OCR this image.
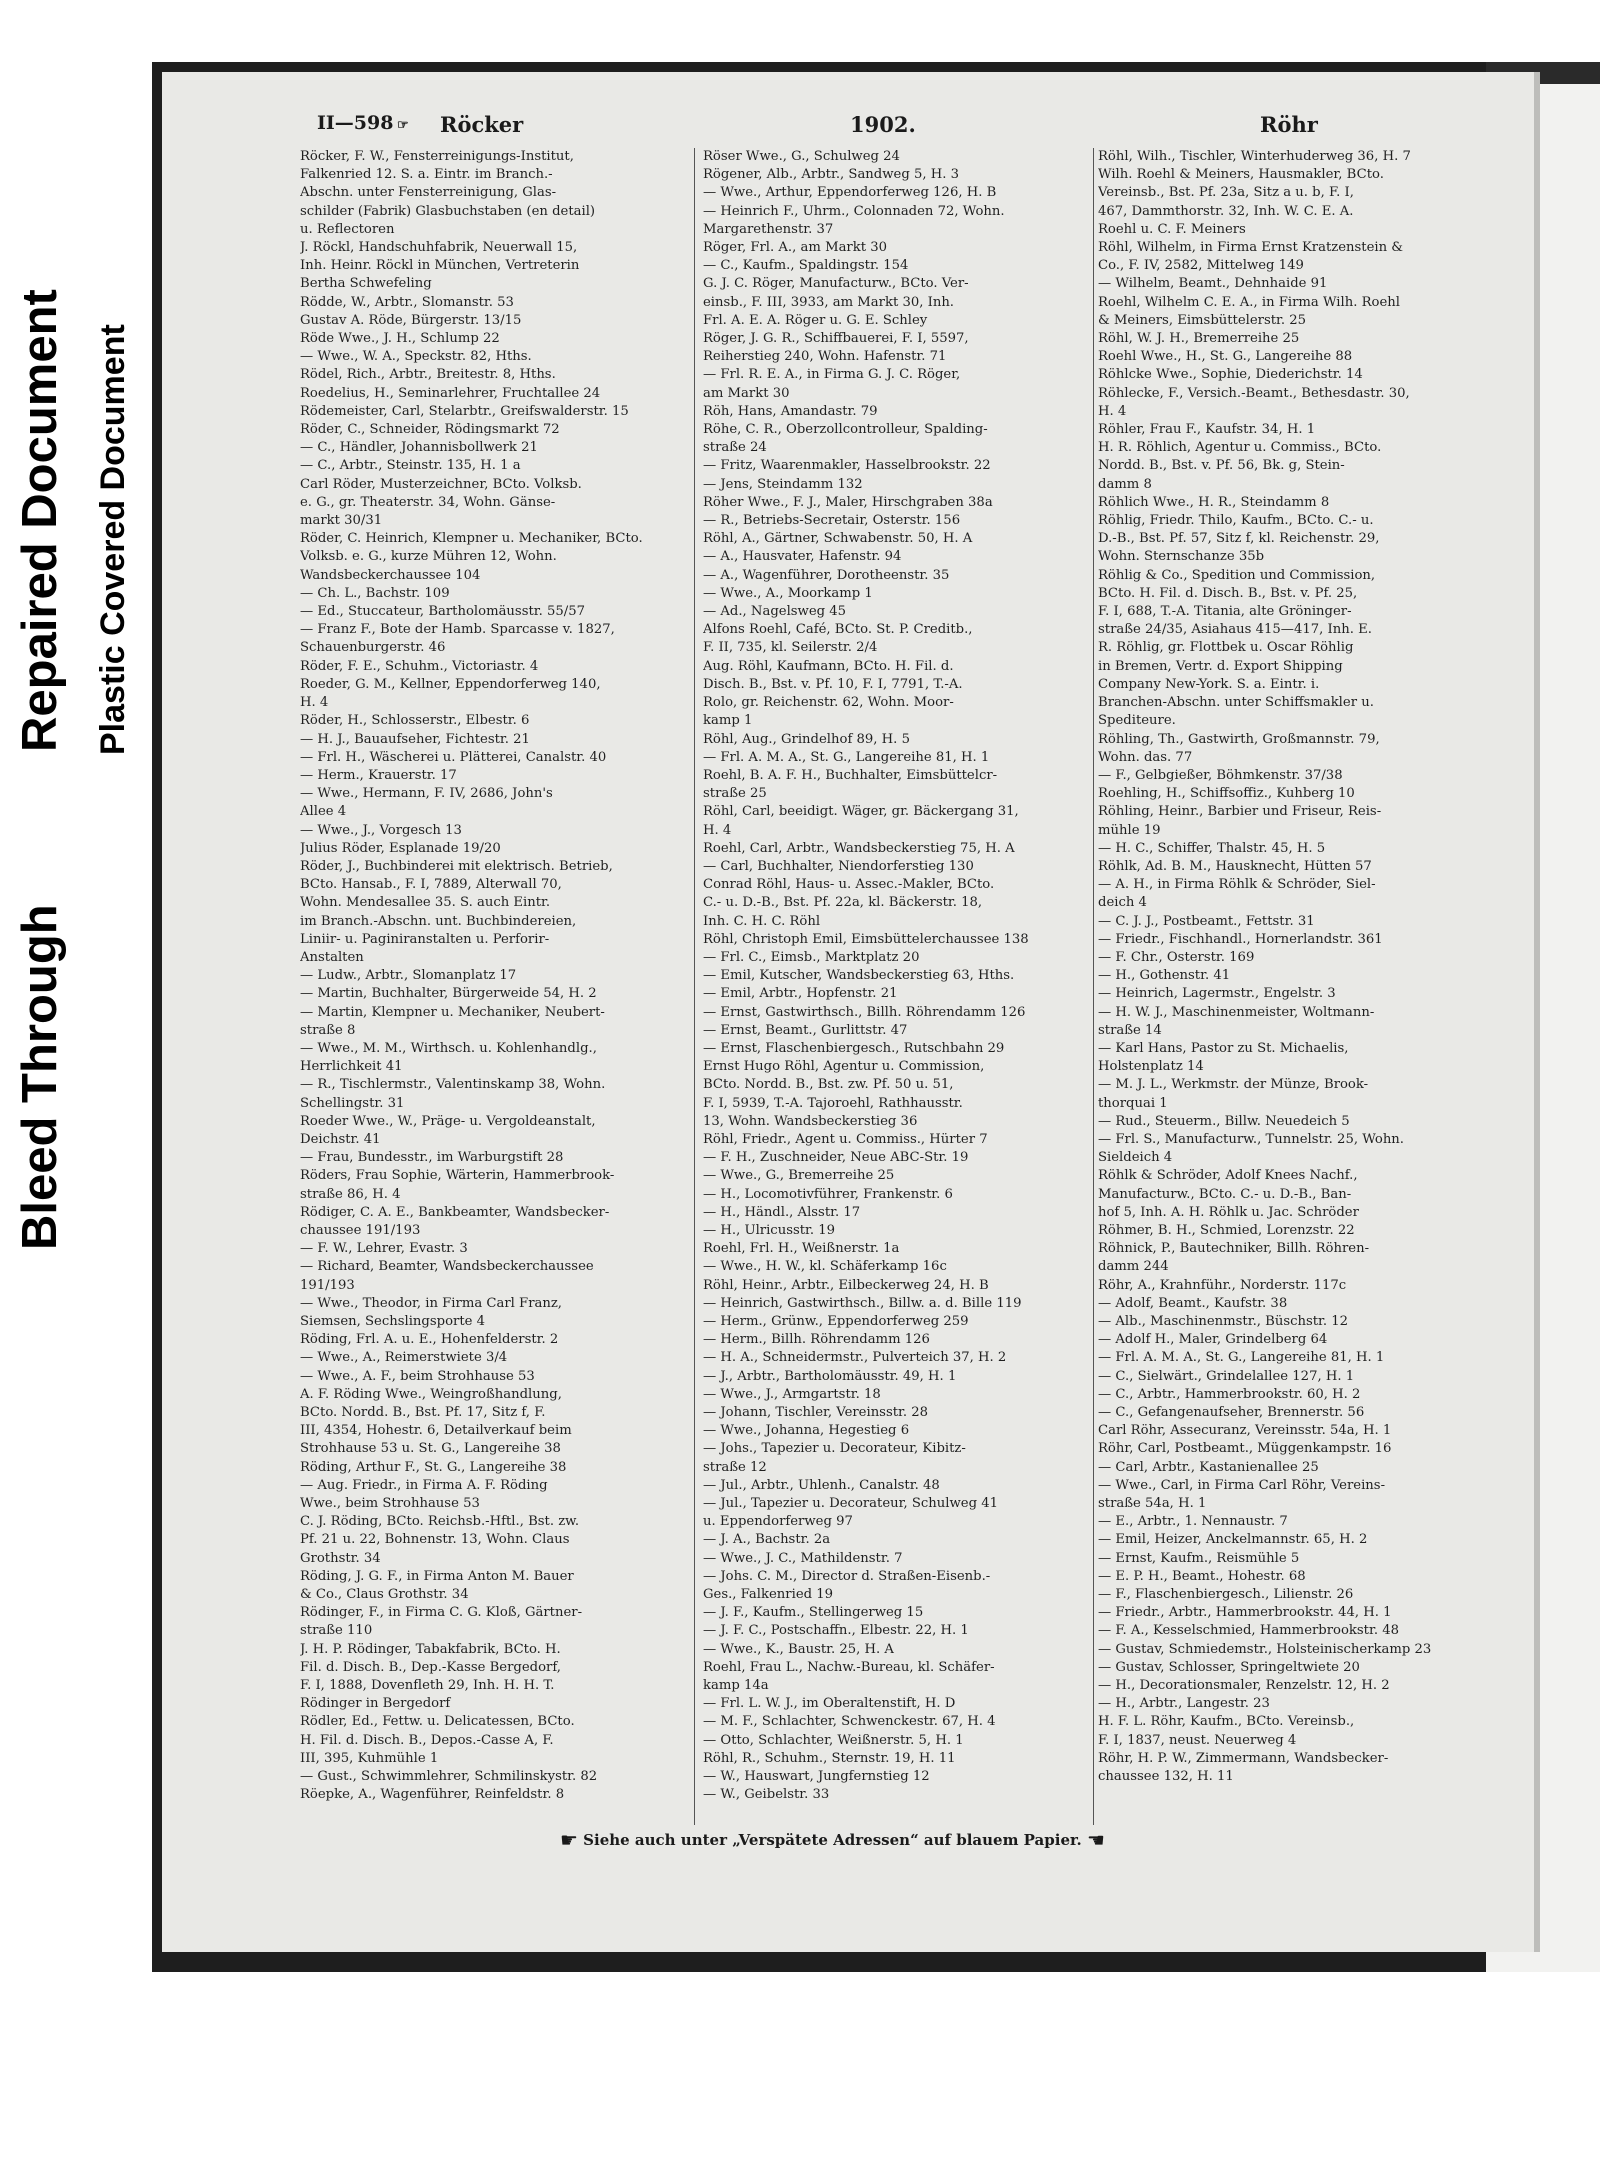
Bleed Through
Repaired Document Plastic Covered Document
II—598 ☞ Röcker	1902.	Röhr
Röcker, F. W., Fensterreinigungs-Institut,
Falkenried 12. S. a. Eintr. im Branch.-
Abschn. unter Fensterreinigung, Glas-
schilder (Fabrik) Glasbuchstaben (en detail)
u. Reflectoren
J. Röckl, Handschuhfabrik, Neuerwall 15,
Inh. Heinr. Röckl in München, Vertreterin
Bertha Schwefeling
Rödde, W., Arbtr., Slomanstr. 53
Gustav A. Röde, Bürgerstr. 13/15
Röde Wwe., J. H., Schlump 22
— Wwe., W. A., Speckstr. 82, Hths.
Rödel, Rich., Arbtr., Breitestr. 8, Hths.
Roedelius, H., Seminarlehrer, Fruchtallee 24
Rödemeister, Carl, Stelarbtr., Greifswalderstr. 15
Röder, C., Schneider, Rödingsmarkt 72
— C., Händler, Johannisbollwerk 21
— C., Arbtr., Steinstr. 135, H. 1 a
Carl Röder, Musterzeichner, BCto. Volksb.
e. G., gr. Theaterstr. 34, Wohn. Gänse-
markt 30/31
Röder, C. Heinrich, Klempner u. Mechaniker, BCto.
Volksb. e. G., kurze Mühren 12, Wohn.
Wandsbeckerchaussee 104
— Ch. L., Bachstr. 109
— Ed., Stuccateur, Bartholomäusstr. 55/57
— Franz F., Bote der Hamb. Sparcasse v. 1827,
Schauenburgerstr. 46
Röder, F. E., Schuhm., Victoriastr. 4
Roeder, G. M., Kellner, Eppendorferweg 140,
H. 4
Röder, H., Schlosserstr., Elbestr. 6
— H. J., Bauaufseher, Fichtestr. 21
— Frl. H., Wäscherei u. Plätterei, Canalstr. 40
— Herm., Krauerstr. 17
— Wwe., Hermann, F. IV, 2686, John's
Allee 4
— Wwe., J., Vorgesch 13
Julius Röder, Esplanade 19/20
Röder, J., Buchbinderei mit elektrisch. Betrieb,
BCto. Hansab., F. I, 7889, Alterwall 70,
Wohn. Mendesallee 35. S. auch Eintr.
im Branch.-Abschn. unt. Buchbindereien,
Liniir- u. Paginiranstalten u. Perforir-
Anstalten
— Ludw., Arbtr., Slomanplatz 17
— Martin, Buchhalter, Bürgerweide 54, H. 2
— Martin, Klempner u. Mechaniker, Neubert-
straße 8
— Wwe., M. M., Wirthsch. u. Kohlenhandlg.,
Herrlichkeit 41
— R., Tischlermstr., Valentinskamp 38, Wohn.
Schellingstr. 31
Roeder Wwe., W., Präge- u. Vergoldeanstalt,
Deichstr. 41
— Frau, Bundesstr., im Warburgstift 28
Röders, Frau Sophie, Wärterin, Hammerbrook-
straße 86, H. 4
Rödiger, C. A. E., Bankbeamter, Wandsbecker-
chaussee 191/193
— F. W., Lehrer, Evastr. 3
— Richard, Beamter, Wandsbeckerchaussee
191/193
— Wwe., Theodor, in Firma Carl Franz,
Siemsen, Sechslingsporte 4
Röding, Frl. A. u. E., Hohenfelderstr. 2
— Wwe., A., Reimerstwiete 3/4
— Wwe., A. F., beim Strohhause 53
A. F. Röding Wwe., Weingroßhandlung,
BCto. Nordd. B., Bst. Pf. 17, Sitz f, F.
III, 4354, Hohestr. 6, Detailverkauf beim
Strohhause 53 u. St. G., Langereihe 38
Röding, Arthur F., St. G., Langereihe 38
— Aug. Friedr., in Firma A. F. Röding
Wwe., beim Strohhause 53
C. J. Röding, BCto. Reichsb.-Hftl., Bst. zw.
Pf. 21 u. 22, Bohnenstr. 13, Wohn. Claus
Grothstr. 34
Röding, J. G. F., in Firma Anton M. Bauer
& Co., Claus Grothstr. 34
Rödinger, F., in Firma C. G. Kloß, Gärtner-
straße 110
J. H. P. Rödinger, Tabakfabrik, BCto. H.
Fil. d. Disch. B., Dep.-Kasse Bergedorf,
F. I, 1888, Dovenfleth 29, Inh. H. H. T.
Rödinger in Bergedorf
Rödler, Ed., Fettw. u. Delicatessen, BCto.
H. Fil. d. Disch. B., Depos.-Casse A, F.
III, 395, Kuhmühle 1
— Gust., Schwimmlehrer, Schmilinskystr. 82
Röepke, A., Wagenführer, Reinfeldstr. 8
Röser Wwe., G., Schulweg 24
Rögener, Alb., Arbtr., Sandweg 5, H. 3
— Wwe., Arthur, Eppendorferweg 126, H. B
— Heinrich F., Uhrm., Colonnaden 72, Wohn.
Margarethenstr. 37
Röger, Frl. A., am Markt 30
— C., Kaufm., Spaldingstr. 154
G. J. C. Röger, Manufacturw., BCto. Ver-
einsb., F. III, 3933, am Markt 30, Inh.
Frl. A. E. A. Röger u. G. E. Schley
Röger, J. G. R., Schiffbauerei, F. I, 5597,
Reiherstieg 240, Wohn. Hafenstr. 71
— Frl. R. E. A., in Firma G. J. C. Röger,
am Markt 30
Röh, Hans, Amandastr. 79
Röhe, C. R., Oberzollcontrolleur, Spalding-
straße 24
— Fritz, Waarenmakler, Hasselbrookstr. 22
— Jens, Steindamm 132
Röher Wwe., F. J., Maler, Hirschgraben 38a
— R., Betriebs-Secretair, Osterstr. 156
Röhl, A., Gärtner, Schwabenstr. 50, H. A
— A., Hausvater, Hafenstr. 94
— A., Wagenführer, Dorotheenstr. 35
— Wwe., A., Moorkamp 1
— Ad., Nagelsweg 45
Alfons Roehl, Café, BCto. St. P. Creditb.,
F. II, 735, kl. Seilerstr. 2/4
Aug. Röhl, Kaufmann, BCto. H. Fil. d.
Disch. B., Bst. v. Pf. 10, F. I, 7791, T.-A.
Rolo, gr. Reichenstr. 62, Wohn. Moor-
kamp 1
Röhl, Aug., Grindelhof 89, H. 5
— Frl. A. M. A., St. G., Langereihe 81, H. 1
Roehl, B. A. F. H., Buchhalter, Eimsbüttelcr-
straße 25
Röhl, Carl, beeidigt. Wäger, gr. Bäckergang 31,
H. 4
Roehl, Carl, Arbtr., Wandsbeckerstieg 75, H. A
— Carl, Buchhalter, Niendorferstieg 130
Conrad Röhl, Haus- u. Assec.-Makler, BCto.
C.- u. D.-B., Bst. Pf. 22a, kl. Bäckerstr. 18,
Inh. C. H. C. Röhl
Röhl, Christoph Emil, Eimsbüttelerchaussee 138
— Frl. C., Eimsb., Marktplatz 20
— Emil, Kutscher, Wandsbeckerstieg 63, Hths.
— Emil, Arbtr., Hopfenstr. 21
— Ernst, Gastwirthsch., Billh. Röhrendamm 126
— Ernst, Beamt., Gurlittstr. 47
— Ernst, Flaschenbiergesch., Rutschbahn 29
Ernst Hugo Röhl, Agentur u. Commission,
BCto. Nordd. B., Bst. zw. Pf. 50 u. 51,
F. I, 5939, T.-A. Tajoroehl, Rathhausstr.
13, Wohn. Wandsbeckerstieg 36
Röhl, Friedr., Agent u. Commiss., Hürter 7
— F. H., Zuschneider, Neue ABC-Str. 19
— Wwe., G., Bremerreihe 25
— H., Locomotivführer, Frankenstr. 6
— H., Händl., Alsstr. 17
— H., Ulricusstr. 19
Roehl, Frl. H., Weißnerstr. 1a
— Wwe., H. W., kl. Schäferkamp 16c
Röhl, Heinr., Arbtr., Eilbeckerweg 24, H. B
— Heinrich, Gastwirthsch., Billw. a. d. Bille 119
— Herm., Grünw., Eppendorferweg 259
— Herm., Billh. Röhrendamm 126
— H. A., Schneidermstr., Pulverteich 37, H. 2
— J., Arbtr., Bartholomäusstr. 49, H. 1
— Wwe., J., Armgartstr. 18
— Johann, Tischler, Vereinsstr. 28
— Wwe., Johanna, Hegestieg 6
— Johs., Tapezier u. Decorateur, Kibitz-
straße 12
— Jul., Arbtr., Uhlenh., Canalstr. 48
— Jul., Tapezier u. Decorateur, Schulweg 41
u. Eppendorferweg 97
— J. A., Bachstr. 2a
— Wwe., J. C., Mathildenstr. 7
— Johs. C. M., Director d. Straßen-Eisenb.-
Ges., Falkenried 19
— J. F., Kaufm., Stellingerweg 15
— J. F. C., Postschaffn., Elbestr. 22, H. 1
— Wwe., K., Baustr. 25, H. A
Roehl, Frau L., Nachw.-Bureau, kl. Schäfer-
kamp 14a
— Frl. L. W. J., im Oberaltenstift, H. D
— M. F., Schlachter, Schwenckestr. 67, H. 4
— Otto, Schlachter, Weißnerstr. 5, H. 1
Röhl, R., Schuhm., Sternstr. 19, H. 11
— W., Hauswart, Jungfernstieg 12
— W., Geibelstr. 33
Röhl, Wilh., Tischler, Winterhuderweg 36, H. 7
Wilh. Roehl & Meiners, Hausmakler, BCto.
Vereinsb., Bst. Pf. 23a, Sitz a u. b, F. I,
467, Dammthorstr. 32, Inh. W. C. E. A.
Roehl u. C. F. Meiners
Röhl, Wilhelm, in Firma Ernst Kratzenstein &
Co., F. IV, 2582, Mittelweg 149
— Wilhelm, Beamt., Dehnhaide 91
Roehl, Wilhelm C. E. A., in Firma Wilh. Roehl
& Meiners, Eimsbüttelerstr. 25
Röhl, W. J. H., Bremerreihe 25
Roehl Wwe., H., St. G., Langereihe 88
Röhlcke Wwe., Sophie, Diederichstr. 14
Röhlecke, F., Versich.-Beamt., Bethesdastr. 30,
H. 4
Röhler, Frau F., Kaufstr. 34, H. 1
H. R. Röhlich, Agentur u. Commiss., BCto.
Nordd. B., Bst. v. Pf. 56, Bk. g, Stein-
damm 8
Röhlich Wwe., H. R., Steindamm 8
Röhlig, Friedr. Thilo, Kaufm., BCto. C.- u.
D.-B., Bst. Pf. 57, Sitz f, kl. Reichenstr. 29,
Wohn. Sternschanze 35b
Röhlig & Co., Spedition und Commission,
BCto. H. Fil. d. Disch. B., Bst. v. Pf. 25,
F. I, 688, T.-A. Titania, alte Gröninger-
straße 24/35, Asiahaus 415—417, Inh. E.
R. Röhlig, gr. Flottbek u. Oscar Röhlig
in Bremen, Vertr. d. Export Shipping
Company New-York. S. a. Eintr. i.
Branchen-Abschn. unter Schiffsmakler u.
Spediteure.
Röhling, Th., Gastwirth, Großmannstr. 79,
Wohn. das. 77
— F., Gelbgießer, Böhmkenstr. 37/38
Roehling, H., Schiffsoffiz., Kuhberg 10
Röhling, Heinr., Barbier und Friseur, Reis-
mühle 19
— H. C., Schiffer, Thalstr. 45, H. 5
Röhlk, Ad. B. M., Hausknecht, Hütten 57
— A. H., in Firma Röhlk & Schröder, Siel-
deich 4
— C. J. J., Postbeamt., Fettstr. 31
— Friedr., Fischhandl., Hornerlandstr. 361
— F. Chr., Osterstr. 169
— H., Gothenstr. 41
— Heinrich, Lagermstr., Engelstr. 3
— H. W. J., Maschinenmeister, Woltmann-
straße 14
— Karl Hans, Pastor zu St. Michaelis,
Holstenplatz 14
— M. J. L., Werkmstr. der Münze, Brook-
thorquai 1
— Rud., Steuerm., Billw. Neuedeich 5
— Frl. S., Manufacturw., Tunnelstr. 25, Wohn.
Sieldeich 4
Röhlk & Schröder, Adolf Knees Nachf.,
Manufacturw., BCto. C.- u. D.-B., Ban-
hof 5, Inh. A. H. Röhlk u. Jac. Schröder
Röhmer, B. H., Schmied, Lorenzstr. 22
Röhnick, P., Bautechniker, Billh. Röhren-
damm 244
Röhr, A., Krahnführ., Norderstr. 117c
— Adolf, Beamt., Kaufstr. 38
— Alb., Maschinenmstr., Büschstr. 12
— Adolf H., Maler, Grindelberg 64
— Frl. A. M. A., St. G., Langereihe 81, H. 1
— C., Sielwärt., Grindelallee 127, H. 1
— C., Arbtr., Hammerbrookstr. 60, H. 2
— C., Gefangenaufseher, Brennerstr. 56
Carl Röhr, Assecuranz, Vereinsstr. 54a, H. 1
Röhr, Carl, Postbeamt., Müggenkampstr. 16
— Carl, Arbtr., Kastanienallee 25
— Wwe., Carl, in Firma Carl Röhr, Vereins-
straße 54a, H. 1
— E., Arbtr., 1. Nennaustr. 7
— Emil, Heizer, Anckelmannstr. 65, H. 2
— Ernst, Kaufm., Reismühle 5
— E. P. H., Beamt., Hohestr. 68
— F., Flaschenbiergesch., Lilienstr. 26
— Friedr., Arbtr., Hammerbrookstr. 44, H. 1
— F. A., Kesselschmied, Hammerbrookstr. 48
— Gustav, Schmiedemstr., Holsteinischerkamp 23
— Gustav, Schlosser, Springeltwiete 20
— H., Decorationsmaler, Renzelstr. 12, H. 2
— H., Arbtr., Langestr. 23
H. F. L. Röhr, Kaufm., BCto. Vereinsb.,
F. I, 1837, neust. Neuerweg 4
Röhr, H. P. W., Zimmermann, Wandsbecker-
chaussee 132, H. 11
☛ Siehe auch unter „Verspätete Adressen“ auf blauem Papier. ☚
